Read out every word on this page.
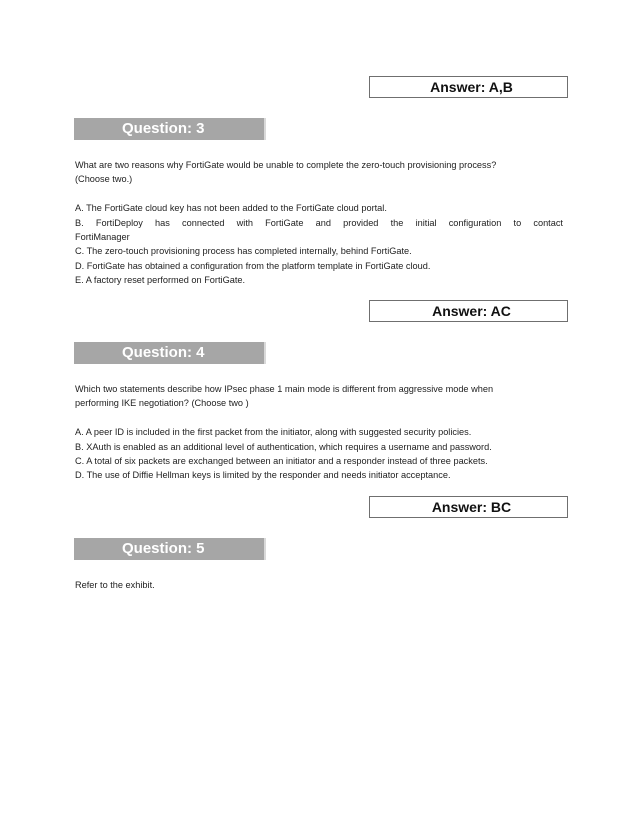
Answer: A,B
Question: 3

What are two reasons why FortiGate would be unable to complete the zero-touch provisioning process?

(Choose two.)

A. The FortiGate cloud key has not been added to the FortiGate cloud portal.

B. FortiDeploy has connected with FortiGate and provided the initial configuration to contact

FortiManager

C. The zero-touch provisioning process has completed internally, behind FortiGate.

D. FortiGate has obtained a configuration from the platform template in FortiGate cloud.

E. A factory reset performed on FortiGate.

Answer: AC
Question: 4

Which two statements describe how IPsec phase 1 main mode is different from aggressive mode when

performing IKE negotiation? (Choose two )

A. A peer ID is included in the first packet from the initiator, along with suggested security policies.

B. XAuth is enabled as an additional level of authentication, which requires a username and password.

C. A total of six packets are exchanged between an initiator and a responder instead of three packets.

D. The use of Diffie Hellman keys is limited by the responder and needs initiator acceptance.

Answer: BC
Question: 5

Refer to the exhibit.
